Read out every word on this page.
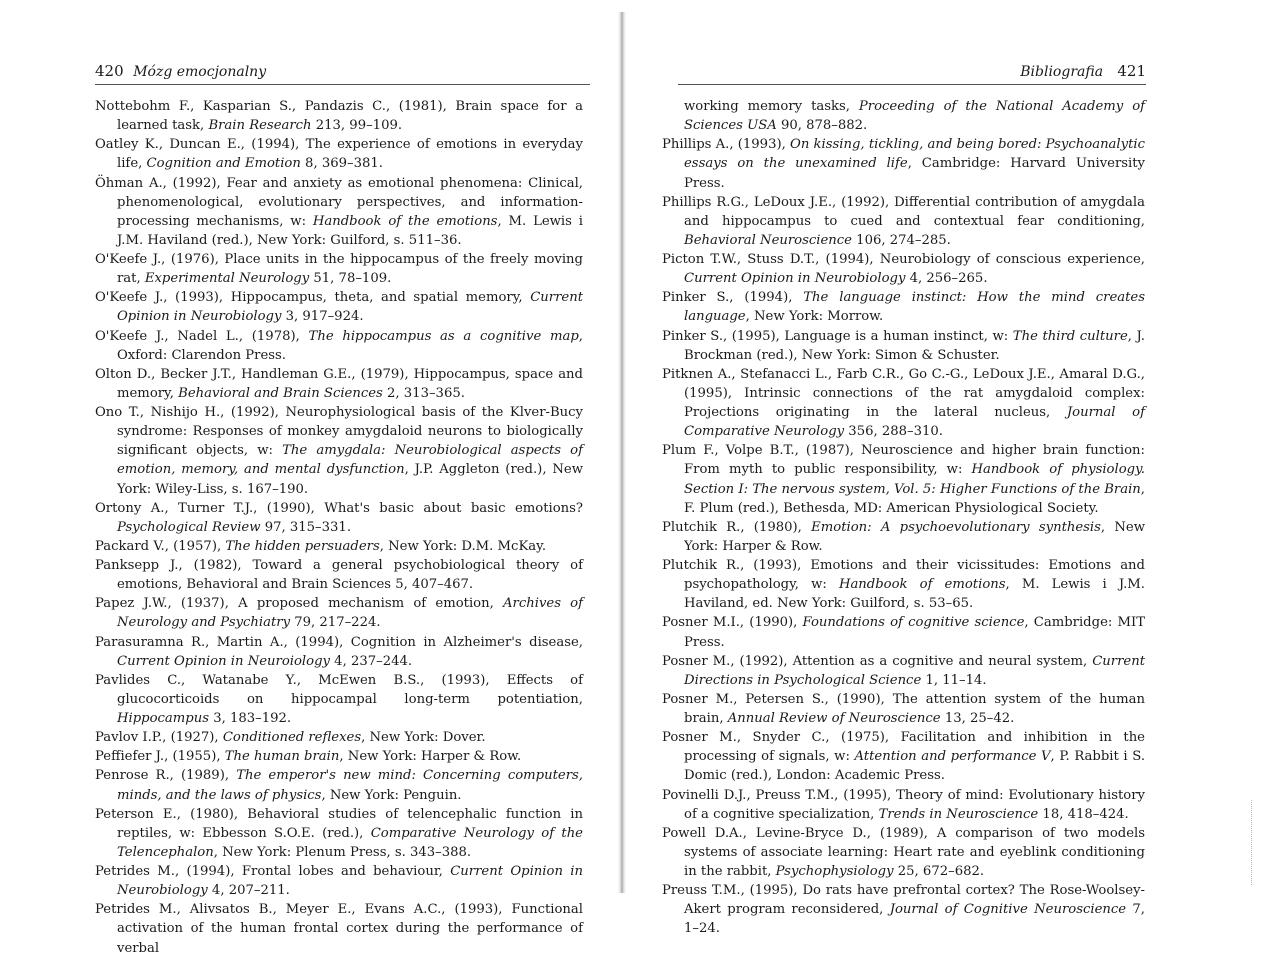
420 Mózg emocjonalny

Nottebohm F., Kasparian S., Pandazis C., (1981), Brain space for a learned task, Brain Research 213, 99–109.

Oatley K., Duncan E., (1994), The experience of emotions in everyday life, Cognition and Emotion 8, 369–381.

Öhman A., (1992), Fear and anxiety as emotional phenomena: Clinical, phenomenological, evolutionary perspectives, and information-processing mechanisms, w: Handbook of the emotions, M. Lewis i J.M. Haviland (red.), New York: Guilford, s. 511–36.

O'Keefe J., (1976), Place units in the hippocampus of the freely moving rat, Experimental Neurology 51, 78–109.

O'Keefe J., (1993), Hippocampus, theta, and spatial memory, Current Opinion in Neurobiology 3, 917–924.

O'Keefe J., Nadel L., (1978), The hippocampus as a cognitive map, Oxford: Clarendon Press.

Olton D., Becker J.T., Handleman G.E., (1979), Hippocampus, space and memory, Behavioral and Brain Sciences 2, 313–365.

Ono T., Nishijo H., (1992), Neurophysiological basis of the Klver-Bucy syndrome: Responses of monkey amygdaloid neurons to biologically significant objects, w: The amygdala: Neurobiological aspects of emotion, memory, and mental dysfunction, J.P. Aggleton (red.), New York: Wiley-Liss, s. 167–190.

Ortony A., Turner T.J., (1990), What's basic about basic emotions? Psychological Review 97, 315–331.

Packard V., (1957), The hidden persuaders, New York: D.M. McKay.

Panksepp J., (1982), Toward a general psychobiological theory of emotions, Behavioral and Brain Sciences 5, 407–467.

Papez J.W., (1937), A proposed mechanism of emotion, Archives of Neurology and Psychiatry 79, 217–224.

Parasuramna R., Martin A., (1994), Cognition in Alzheimer's disease, Current Opinion in Neuroiology 4, 237–244.

Pavlides C., Watanabe Y., McEwen B.S., (1993), Effects of glucocorticoids on hippocampal long-term potentiation, Hippocampus 3, 183–192.

Pavlov I.P., (1927), Conditioned reflexes, New York: Dover.

Peffiefer J., (1955), The human brain, New York: Harper & Row.

Penrose R., (1989), The emperor's new mind: Concerning computers, minds, and the laws of physics, New York: Penguin.

Peterson E., (1980), Behavioral studies of telencephalic function in reptiles, w: Ebbesson S.O.E. (red.), Comparative Neurology of the Telencephalon, New York: Plenum Press, s. 343–388.

Petrides M., (1994), Frontal lobes and behaviour, Current Opinion in Neurobiology 4, 207–211.

Petrides M., Alivsatos B., Meyer E., Evans A.C., (1993), Functional activation of the human frontal cortex during the performance of verbal

Bibliografia 421

working memory tasks, Proceeding of the National Academy of Sciences USA 90, 878–882.

Phillips A., (1993), On kissing, tickling, and being bored: Psychoanalytic essays on the unexamined life, Cambridge: Harvard University Press.

Phillips R.G., LeDoux J.E., (1992), Differential contribution of amygdala and hippocampus to cued and contextual fear conditioning, Behavioral Neuroscience 106, 274–285.

Picton T.W., Stuss D.T., (1994), Neurobiology of conscious experience, Current Opinion in Neurobiology 4, 256–265.

Pinker S., (1994), The language instinct: How the mind creates language, New York: Morrow.

Pinker S., (1995), Language is a human instinct, w: The third culture, J. Brockman (red.), New York: Simon & Schuster.

Pitknen A., Stefanacci L., Farb C.R., Go C.-G., LeDoux J.E., Amaral D.G., (1995), Intrinsic connections of the rat amygdaloid complex: Projections originating in the lateral nucleus, Journal of Comparative Neurology 356, 288–310.

Plum F., Volpe B.T., (1987), Neuroscience and higher brain function: From myth to public responsibility, w: Handbook of physiology. Section I: The nervous system, Vol. 5: Higher Functions of the Brain, F. Plum (red.), Bethesda, MD: American Physiological Society.

Plutchik R., (1980), Emotion: A psychoevolutionary synthesis, New York: Harper & Row.

Plutchik R., (1993), Emotions and their vicissitudes: Emotions and psychopathology, w: Handbook of emotions, M. Lewis i J.M. Haviland, ed. New York: Guilford, s. 53–65.

Posner M.I., (1990), Foundations of cognitive science, Cambridge: MIT Press.

Posner M., (1992), Attention as a cognitive and neural system, Current Directions in Psychological Science 1, 11–14.

Posner M., Petersen S., (1990), The attention system of the human brain, Annual Review of Neuroscience 13, 25–42.

Posner M., Snyder C., (1975), Facilitation and inhibition in the processing of signals, w: Attention and performance V, P. Rabbit i S. Domic (red.), London: Academic Press.

Povinelli D.J., Preuss T.M., (1995), Theory of mind: Evolutionary history of a cognitive specialization, Trends in Neuroscience 18, 418–424.

Powell D.A., Levine-Bryce D., (1989), A comparison of two models systems of associate learning: Heart rate and eyeblink conditioning in the rabbit, Psychophysiology 25, 672–682.

Preuss T.M., (1995), Do rats have prefrontal cortex? The Rose-Woolsey-Akert program reconsidered, Journal of Cognitive Neuroscience 7, 1–24.
